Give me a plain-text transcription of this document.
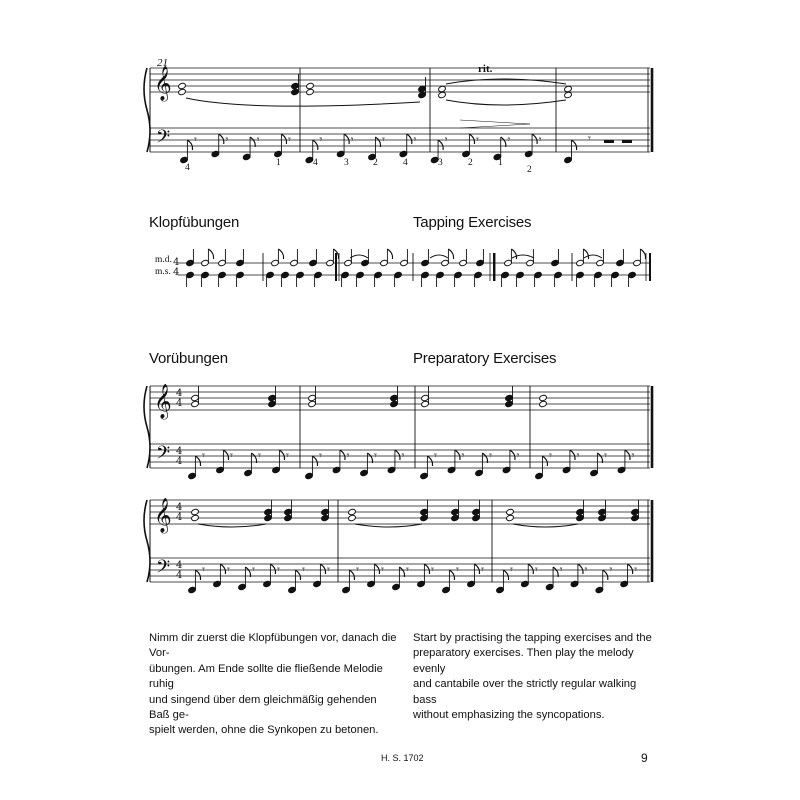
𝄞
𝄢 𝄾	𝄾	𝄾	𝄾	𝄾	𝄾	𝄾	𝄾	𝄾	𝄾	𝄾	𝄾	𝄾
4
4
𝄞
𝄢
4
4
4
4 𝄾 𝄾 𝄾 𝄾	𝄾 𝄾 𝄾 𝄾	𝄾 𝄾 𝄾 𝄾	𝄾 𝄾 𝄾 𝄾
𝄞
𝄢
4
4
4
4 𝄾 𝄾 𝄾 𝄾 𝄾 𝄾 𝄾 𝄾 𝄾 𝄾 𝄾 𝄾 𝄾 𝄾 𝄾 𝄾 𝄾 𝄾
21	rit.
4	1	4	3	2	4	3	2	1
2
Klopfübungen	Tapping Exercises
m.d.
m.s.
Vorübungen	Preparatory Exercises
Nimm dir zuerst die Klopfübungen vor, danach die Vor-
übungen. Am Ende sollte die fließende Melodie ruhig
und singend über dem gleichmäßig gehenden Baß ge-
spielt werden, ohne die Synkopen zu betonen.
Start by practising the tapping exercises and the
preparatory exercises. Then play the melody evenly
and cantabile over the strictly regular walking bass
without emphasizing the syncopations.
H. S. 1702	9
